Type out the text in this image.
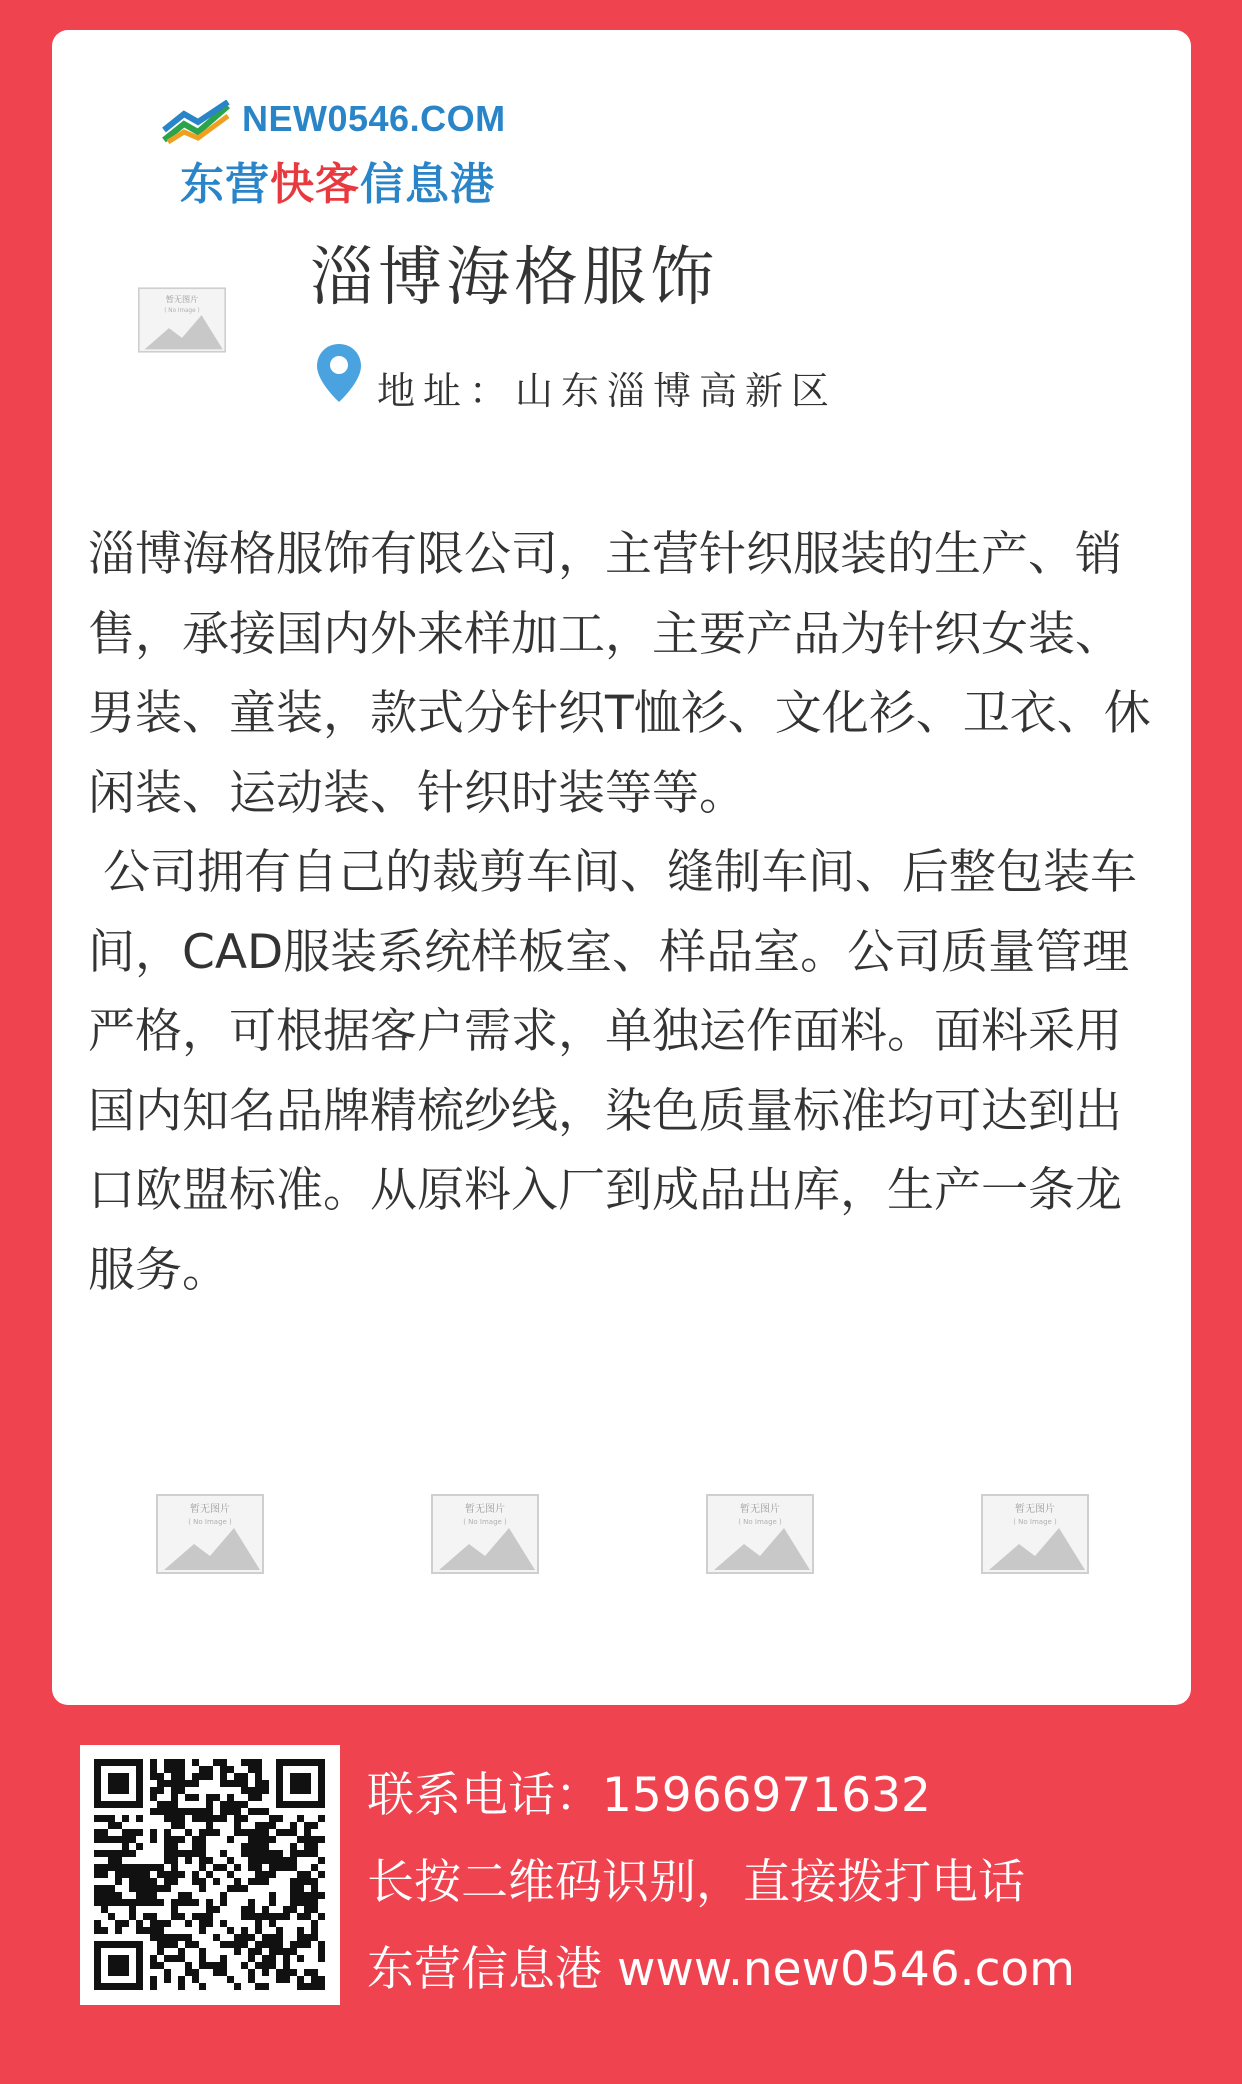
NEW0546.COM
东营快客信息港
暂无图片
( No Image ) 淄博海格服饰
地址：山东淄博高新区

淄博海格服饰有限公司，主营针织服装的生产、销售，承接国内外来样加工，主要产品为针织女装、男装、童装，款式分针织T恤衫、文化衫、卫衣、休闲装、运动装、针织时装等等。
公司拥有自己的裁剪车间、缝制车间、后整包装车间，CAD服装系统样板室、样品室。公司质量管理严格，可根据客户需求，单独运作面料。面料采用国内知名品牌精梳纱线，染色质量标准均可达到出口欧盟标准。从原料入厂到成品出库，生产一条龙服务。

暂无图片
( No Image )
暂无图片
( No Image )
暂无图片
( No Image )
暂无图片
( No Image )
联系电话：15966971632
长按二维码识别，直接拨打电话
东营信息港 www.new0546.com
